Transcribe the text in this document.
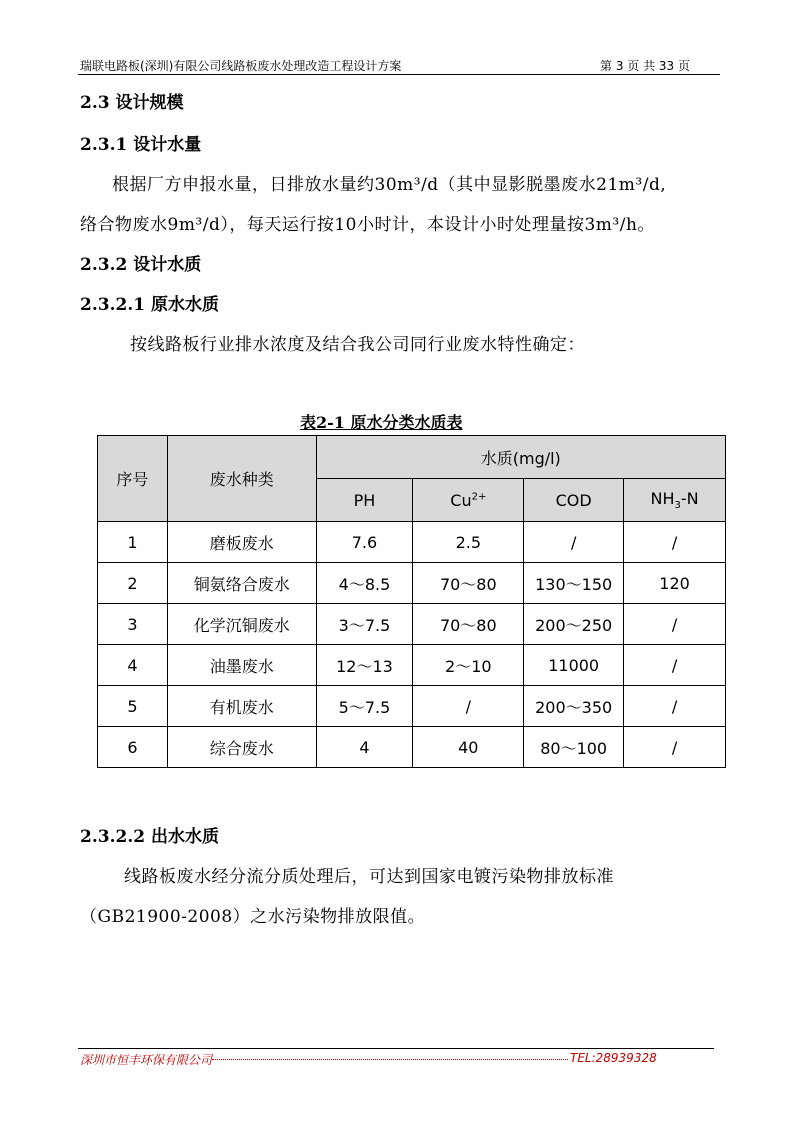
瑞联电路板(深圳)有限公司线路板废水处理改造工程设计方案	第 3 页 共 33 页
2.3 设计规模
2.3.1 设计水量
根据厂方申报水量，日排放水量约30m³/d（其中显影脱墨废水21m³/d,
络合物废水9m³/d），每天运行按10小时计，本设计小时处理量按3m³/h。
2.3.2 设计水质
2.3.2.1 原水水质
按线路板行业排水浓度及结合我公司同行业废水特性确定：
表2-1 原水分类水质表
序号	废水种类	水质(mg/l)			
		PH	$Cu^{2+}$	COD	$NH_3-N$
1	磨板废水	7.6	2.5	/	/
2	铜氨络合废水	4～8.5	70～80	130～150	120
3	化学沉铜废水	3～7.5	70～80	200～250	/
4	油墨废水	12～13	2～10	11000	/
5	有机废水	5～7.5	/	200～350	/
6	综合废水	4	40	80～100	/
2.3.2.2 出水水质
线路板废水经分流分质处理后，可达到国家电镀污染物排放标准
（GB21900-2008）之水污染物排放限值。
深圳市恒丰环保有限公司	TEL:28939328
